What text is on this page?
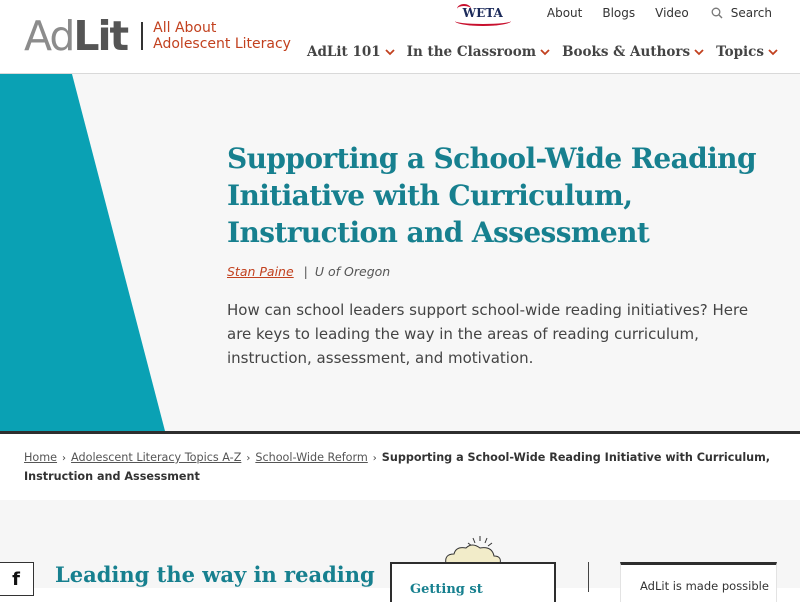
Ad Lit All About Adolescent Literacy
WETA	About Blogs Video	Search
AdLit 101 In the Classroom Books & Authors Topics
Supporting a School-Wide Reading Initiative with Curriculum, Instruction and Assessment
Stan Paine | U of Oregon

How can school leaders support school-wide reading initiatives? Here are keys to leading the way in the areas of reading curriculum, instruction, assessment, and motivation.

Home › Adolescent Literacy Topics A-Z › School-Wide Reform › Supporting a School-Wide Reading Initiative with Curriculum, Instruction and Assessment
f Leading the way in reading
Getting st	AdLit is made possible
